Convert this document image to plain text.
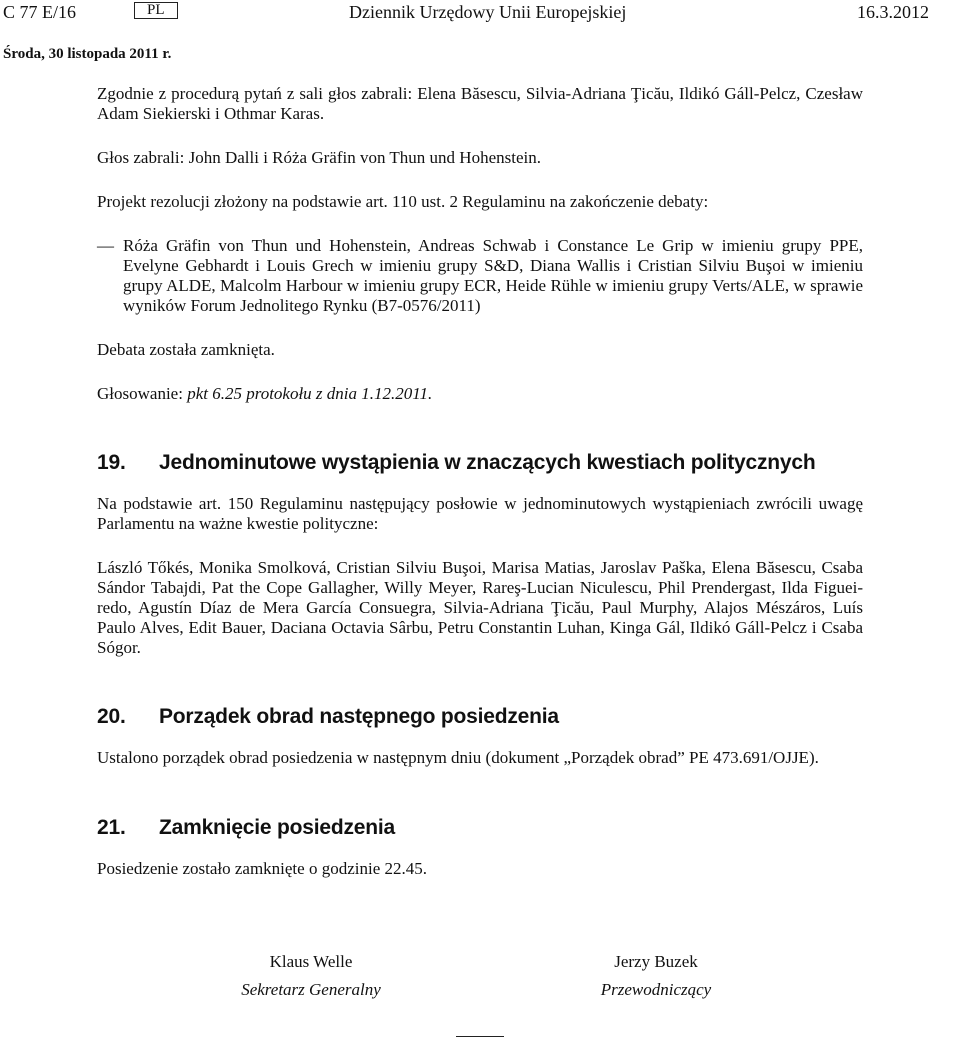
C 77 E/16	PL	Dziennik Urzędowy Unii Europejskiej	16.3.2012
Środa, 30 listopada 2011 r.
Zgodnie z procedurą pytań z sali głos zabrali: Elena Băsescu, Silvia-Adriana Ţicău, Ildikó Gáll-Pelcz, Czesław Adam Siekierski i Othmar Karas.
Głos zabrali: John Dalli i Róża Gräfin von Thun und Hohenstein.
Projekt rezolucji złożony na podstawie art. 110 ust. 2 Regulaminu na zakończenie debaty:
— Róża Gräfin von Thun und Hohenstein, Andreas Schwab i Constance Le Grip w imieniu grupy PPE, Evelyne Gebhardt i Louis Grech w imieniu grupy S&D, Diana Wallis i Cristian Silviu Buşoi w imieniu grupy ALDE, Malcolm Harbour w imieniu grupy ECR, Heide Rühle w imieniu grupy Verts/ALE, w sprawie wyników Forum Jednolitego Rynku (B7-0576/2011)
Debata została zamknięta.
Głosowanie: pkt 6.25 protokołu z dnia 1.12.2011.
19. Jednominutowe wystąpienia w znaczących kwestiach politycznych
Na podstawie art. 150 Regulaminu następujący posłowie w jednominutowych wystąpieniach zwrócili uwagę Parlamentu na ważne kwestie polityczne:
László Tőkés, Monika Smolková, Cristian Silviu Buşoi, Marisa Matias, Jaroslav Paška, Elena Băsescu, Csaba Sándor Tabajdi, Pat the Cope Gallagher, Willy Meyer, Rareş-Lucian Niculescu, Phil Prendergast, Ilda Figuei- redo, Agustín Díaz de Mera García Consuegra, Silvia-Adriana Ţicău, Paul Murphy, Alajos Mészáros, Luís Paulo Alves, Edit Bauer, Daciana Octavia Sârbu, Petru Constantin Luhan, Kinga Gál, Ildikó Gáll-Pelcz i Csaba Sógor.
20. Porządek obrad następnego posiedzenia
Ustalono porządek obrad posiedzenia w następnym dniu (dokument „Porządek obrad” PE 473.691/OJJE).
21. Zamknięcie posiedzenia
Posiedzenie zostało zamknięte o godzinie 22.45.
Klaus Welle
Sekretarz Generalny
Jerzy Buzek
Przewodniczący
